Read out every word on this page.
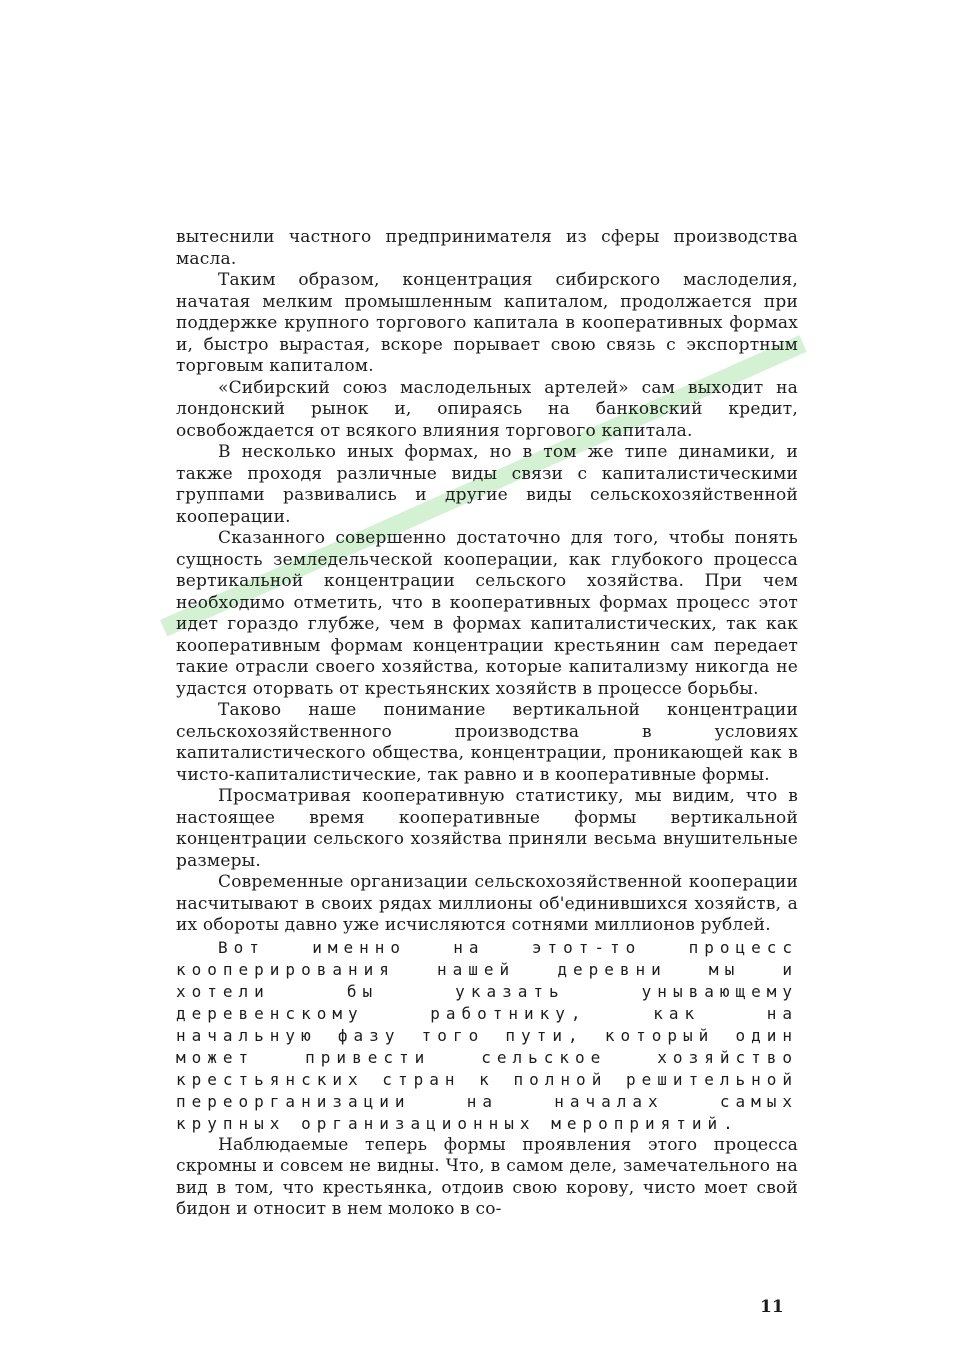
вытеснили частного предпринимателя из сферы производства масла.

Таким образом, концентрация сибирского маслоделия, начатая мелким промышленным капиталом, продолжается при поддержке крупного торгового капитала в кооперативных формах и, быстро вырастая, вскоре порывает свою связь с экспортным торговым капиталом.

«Сибирский союз маслодельных артелей» сам выходит на лондонский рынок и, опираясь на банковский кредит, освобождается от всякого влияния торгового капитала.

В несколько иных формах, но в том же типе динамики, и также проходя различные виды связи с капиталистическими группами развивались и другие виды сельскохозяйственной кооперации.

Сказанного совершенно достаточно для того, чтобы понять сущность земледельческой кооперации, как глубокого процесса вертикальной концентрации сельского хозяйства. При чем необходимо отметить, что в кооперативных формах процесс этот идет гораздо глубже, чем в формах капиталистических, так как кооперативным формам концентрации крестьянин сам передает такие отрасли своего хозяйства, которые капитализму никогда не удастся оторвать от крестьянских хозяйств в процессе борьбы.

Таково наше понимание вертикальной концентрации сельскохозяйственного производства в условиях капиталистического общества, концентрации, проникающей как в чисто-капиталистические, так равно и в кооперативные формы.

Просматривая кооперативную статистику, мы видим, что в настоящее время кооперативные формы вертикальной концентрации сельского хозяйства приняли весьма внушительные размеры.

Современные организации сельскохозяйственной кооперации насчитывают в своих рядах миллионы об'единившихся хозяйств, а их обороты давно уже исчисляются сотнями миллионов рублей.

Вот именно на этот-то процесс кооперирования нашей деревни мы и хотели бы указать унывающему деревенскому работнику, как на начальную фазу того пути, который один может привести сельское хозяйство крестьянских стран к полной решительной переорганизации на началах самых крупных организационных мероприятий.

Наблюдаемые теперь формы проявления этого процесса скромны и совсем не видны. Что, в самом деле, замечательного на вид в том, что крестьянка, отдоив свою корову, чисто моет свой бидон и относит в нем молоко в со-

11
